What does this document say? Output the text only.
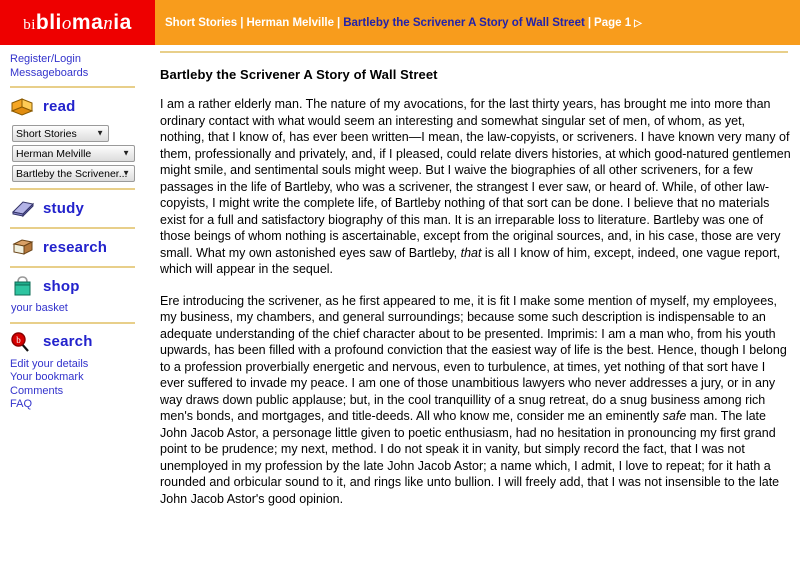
bibliomania	Short Stories | Herman Melville | Bartleby the Scrivener A Story of Wall Street | Page 1 ▷
Register/Login
Messageboards
read
Short Stories
▼

Herman Melville
▼

Bartleby the Scrivener...
▼
study
research
shop
your basket
b search
Edit your details
Your bookmark
Comments
FAQ
Bartleby the Scrivener A Story of Wall Street

I am a rather elderly man. The nature of my avocations, for the last thirty years, has brought me into more than ordinary contact with what would seem an interesting and somewhat singular set of men, of whom, as yet, nothing, that I know of, has ever been written—I mean, the law-copyists, or scriveners. I have known very many of them, professionally and privately, and, if I pleased, could relate divers histories, at which good-natured gentlemen might smile, and sentimental souls might weep. But I waive the biographies of all other scriveners, for a few passages in the life of Bartleby, who was a scrivener, the strangest I ever saw, or heard of. While, of other law-copyists, I might write the complete life, of Bartleby nothing of that sort can be done. I believe that no materials exist for a full and satisfactory biography of this man. It is an irreparable loss to literature. Bartleby was one of those beings of whom nothing is ascertainable, except from the original sources, and, in his case, those are very small. What my own astonished eyes saw of Bartleby, that is all I know of him, except, indeed, one vague report, which will appear in the sequel.

Ere introducing the scrivener, as he first appeared to me, it is fit I make some mention of myself, my employees, my business, my chambers, and general surroundings; because some such description is indispensable to an adequate understanding of the chief character about to be presented. Imprimis: I am a man who, from his youth upwards, has been filled with a profound conviction that the easiest way of life is the best. Hence, though I belong to a profession proverbially energetic and nervous, even to turbulence, at times, yet nothing of that sort have I ever suffered to invade my peace. I am one of those unambitious lawyers who never addresses a jury, or in any way draws down public applause; but, in the cool tranquillity of a snug retreat, do a snug business among rich men's bonds, and mortgages, and title-deeds. All who know me, consider me an eminently safe man. The late John Jacob Astor, a personage little given to poetic enthusiasm, had no hesitation in pronouncing my first grand point to be prudence; my next, method. I do not speak it in vanity, but simply record the fact, that I was not unemployed in my profession by the late John Jacob Astor; a name which, I admit, I love to repeat; for it hath a rounded and orbicular sound to it, and rings like unto bullion. I will freely add, that I was not insensible to the late John Jacob Astor's good opinion.
